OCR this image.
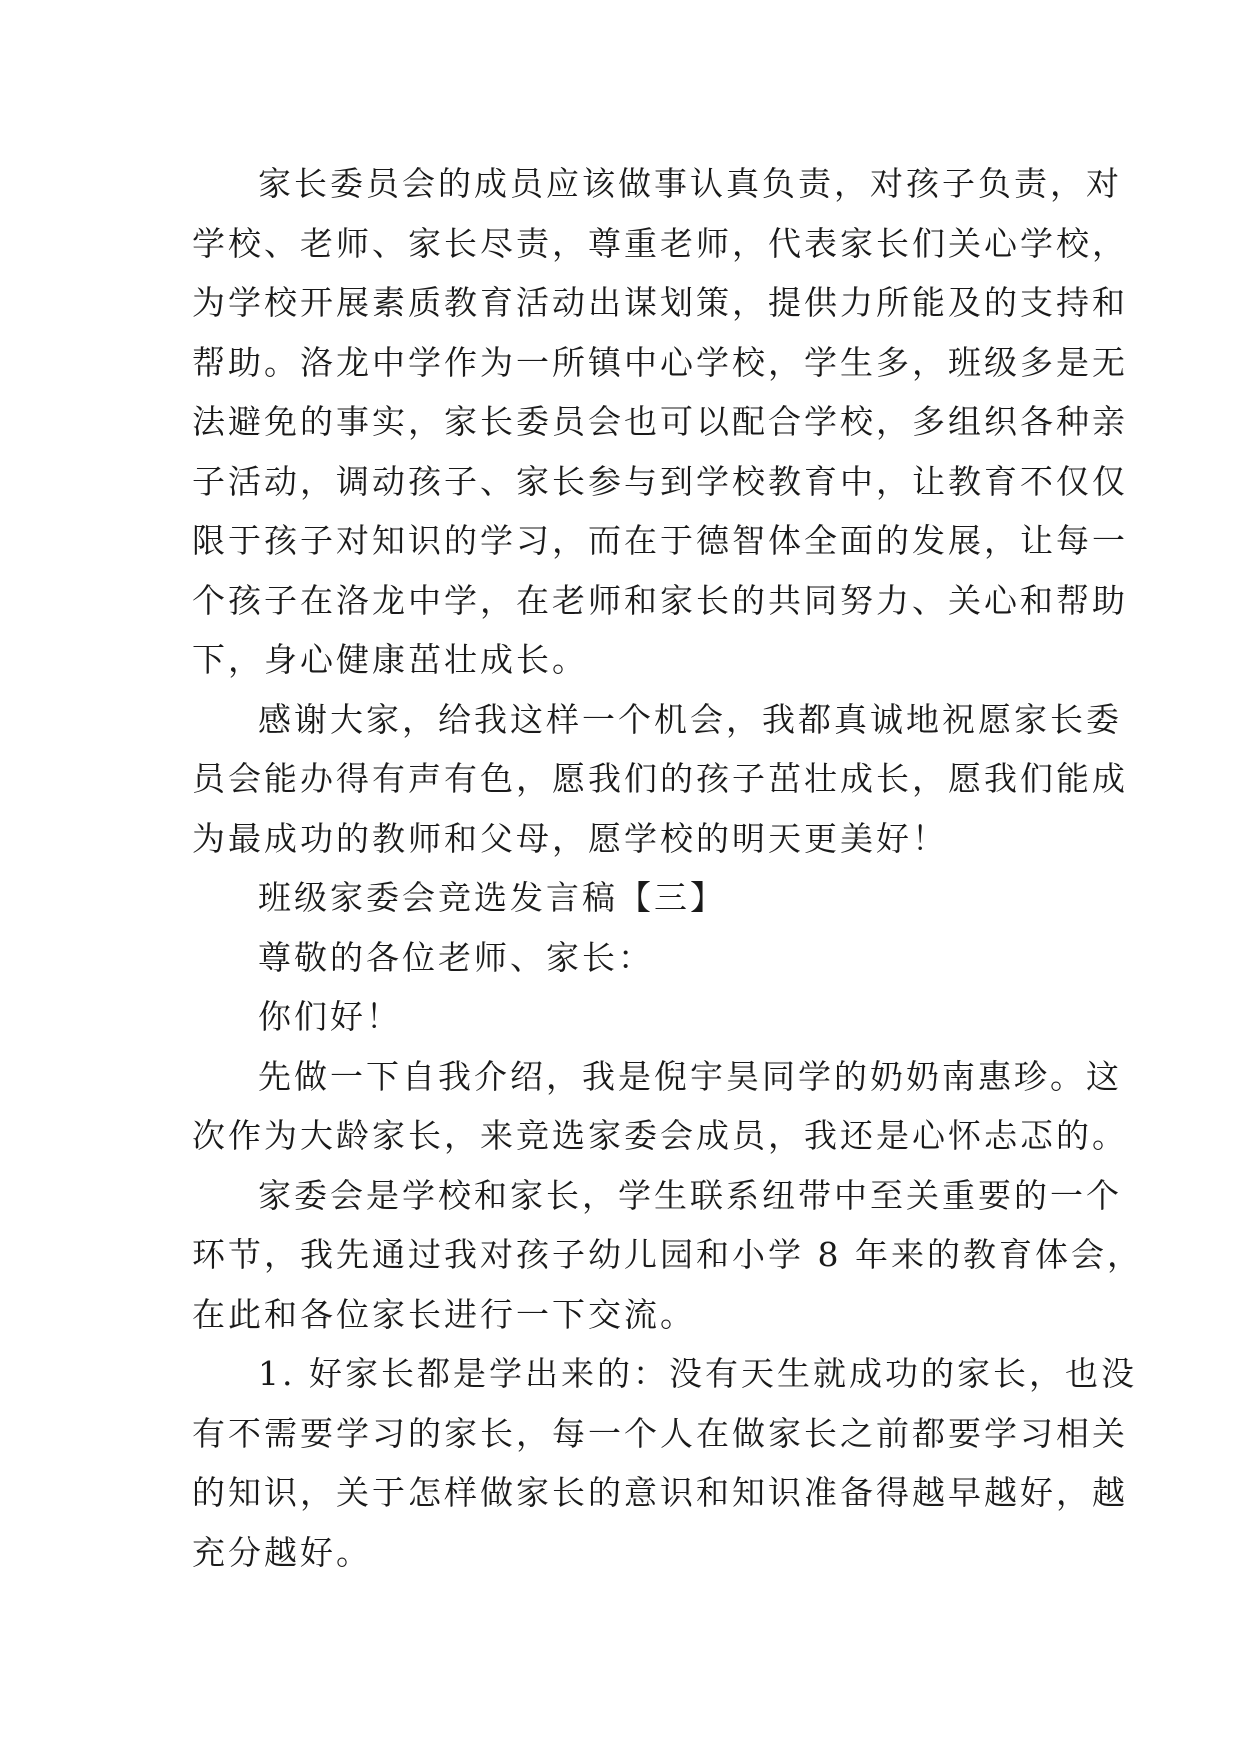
家长委员会的成员应该做事认真负责，对孩子负责，对
学校、老师、家长尽责，尊重老师，代表家长们关心学校，
为学校开展素质教育活动出谋划策，提供力所能及的支持和
帮助。洛龙中学作为一所镇中心学校，学生多，班级多是无
法避免的事实，家长委员会也可以配合学校，多组织各种亲
子活动，调动孩子、家长参与到学校教育中，让教育不仅仅
限于孩子对知识的学习，而在于德智体全面的发展，让每一
个孩子在洛龙中学，在老师和家长的共同努力、关心和帮助
下，身心健康茁壮成长。
感谢大家，给我这样一个机会，我都真诚地祝愿家长委
员会能办得有声有色，愿我们的孩子茁壮成长，愿我们能成
为最成功的教师和父母，愿学校的明天更美好！
班级家委会竞选发言稿【三】
尊敬的各位老师、家长：
你们好！
先做一下自我介绍，我是倪宇昊同学的奶奶南惠珍。这
次作为大龄家长，来竞选家委会成员，我还是心怀忐忑的。
家委会是学校和家长，学生联系纽带中至关重要的一个
环节，我先通过我对孩子幼儿园和小学 8 年来的教育体会，
在此和各位家长进行一下交流。
1. 好家长都是学出来的：没有天生就成功的家长，也没
有不需要学习的家长，每一个人在做家长之前都要学习相关
的知识，关于怎样做家长的意识和知识准备得越早越好，越
充分越好。
